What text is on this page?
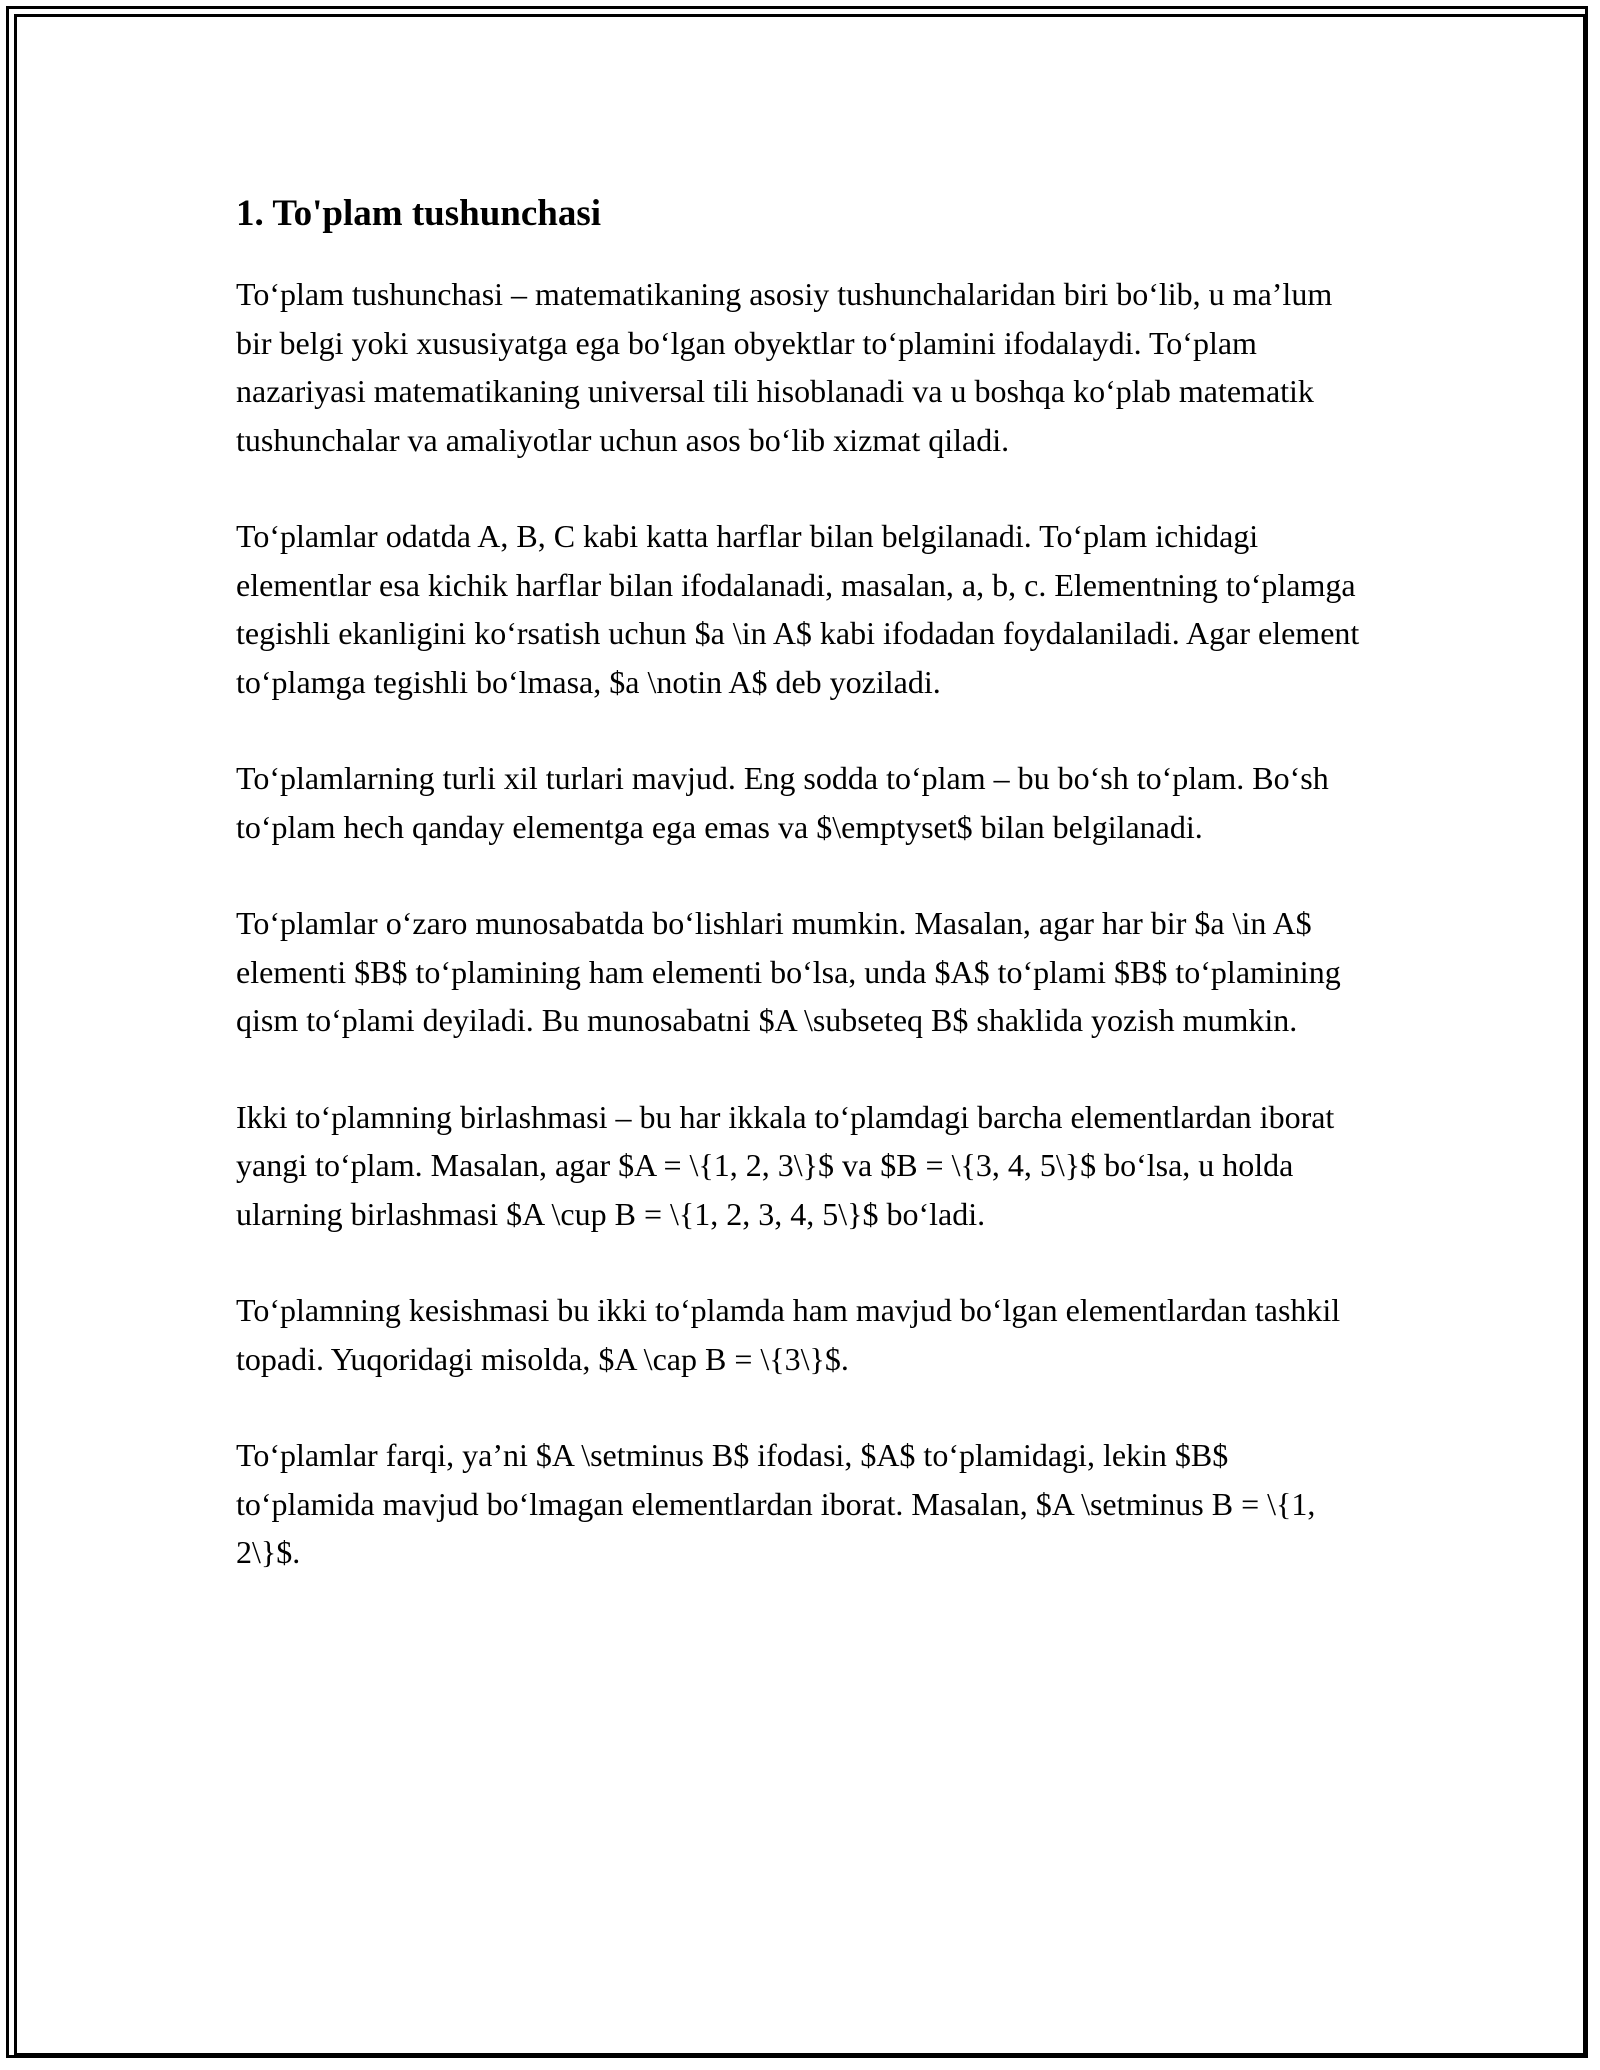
1. To'plam tushunchasi

To‘plam tushunchasi – matematikaning asosiy tushunchalaridan biri bo‘lib, u ma’lum bir belgi yoki xususiyatga ega bo‘lgan obyektlar to‘plamini ifodalaydi. To‘plam nazariyasi matematikaning universal tili hisoblanadi va u boshqa ko‘plab matematik tushunchalar va amaliyotlar uchun asos bo‘lib xizmat qiladi.

To‘plamlar odatda A, B, C kabi katta harflar bilan belgilanadi. To‘plam ichidagi elementlar esa kichik harflar bilan ifodalanadi, masalan, a, b, c. Elementning to‘plamga tegishli ekanligini ko‘rsatish uchun $a \in A$ kabi ifodadan foydalaniladi. Agar element to‘plamga tegishli bo‘lmasa, $a \notin A$ deb yoziladi.

To‘plamlarning turli xil turlari mavjud. Eng sodda to‘plam – bu bo‘sh to‘plam. Bo‘sh to‘plam hech qanday elementga ega emas va $\emptyset$ bilan belgilanadi.

To‘plamlar o‘zaro munosabatda bo‘lishlari mumkin. Masalan, agar har bir $a \in A$ elementi $B$ to‘plamining ham elementi bo‘lsa, unda $A$ to‘plami $B$ to‘plamining qism to‘plami deyiladi. Bu munosabatni $A \subseteq B$ shaklida yozish mumkin.

Ikki to‘plamning birlashmasi – bu har ikkala to‘plamdagi barcha elementlardan iborat yangi to‘plam. Masalan, agar $A = \{1, 2, 3\}$ va $B = \{3, 4, 5\}$ bo‘lsa, u holda ularning birlashmasi $A \cup B = \{1, 2, 3, 4, 5\}$ bo‘ladi.

To‘plamning kesishmasi bu ikki to‘plamda ham mavjud bo‘lgan elementlardan tashkil topadi. Yuqoridagi misolda, $A \cap B = \{3\}$.

To‘plamlar farqi, ya’ni $A \setminus B$ ifodasi, $A$ to‘plamidagi, lekin $B$ to‘plamida mavjud bo‘lmagan elementlardan iborat. Masalan, $A \setminus B = \{1, 2\}$.
